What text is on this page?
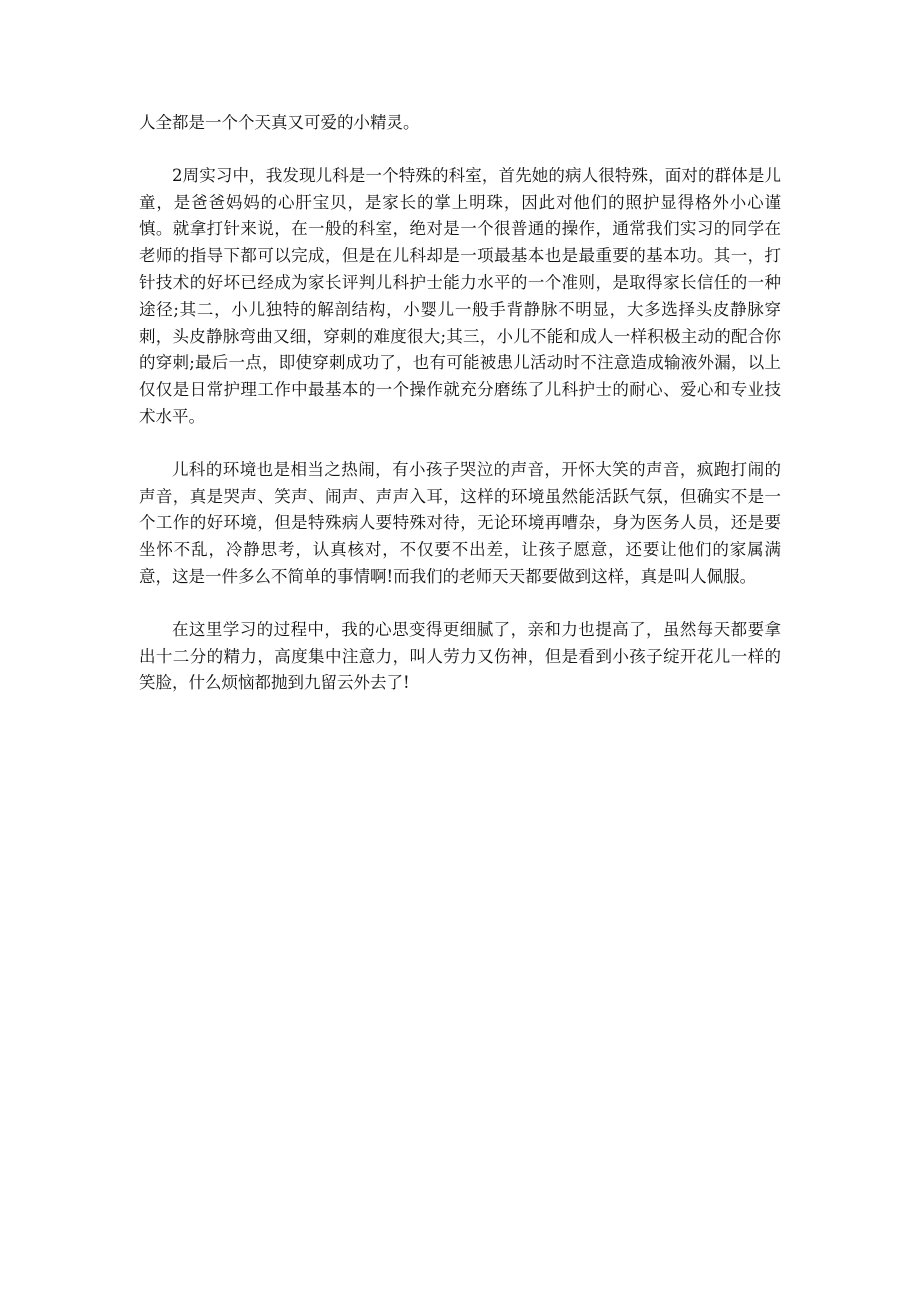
人全都是一个个天真又可爱的小精灵。

2周实习中，我发现儿科是一个特殊的科室，首先她的病人很特殊，面对的群体是儿童，是爸爸妈妈的心肝宝贝，是家长的掌上明珠，因此对他们的照护显得格外小心谨慎。就拿打针来说，在一般的科室，绝对是一个很普通的操作，通常我们实习的同学在老师的指导下都可以完成，但是在儿科却是一项最基本也是最重要的基本功。其一，打针技术的好坏已经成为家长评判儿科护士能力水平的一个准则，是取得家长信任的一种途径;其二，小儿独特的解剖结构，小婴儿一般手背静脉不明显，大多选择头皮静脉穿刺，头皮静脉弯曲又细，穿刺的难度很大;其三，小儿不能和成人一样积极主动的配合你的穿刺;最后一点，即使穿刺成功了，也有可能被患儿活动时不注意造成输液外漏，以上仅仅是日常护理工作中最基本的一个操作就充分磨练了儿科护士的耐心、爱心和专业技术水平。

儿科的环境也是相当之热闹，有小孩子哭泣的声音，开怀大笑的声音，疯跑打闹的声音，真是哭声、笑声、闹声、声声入耳，这样的环境虽然能活跃气氛，但确实不是一个工作的好环境，但是特殊病人要特殊对待，无论环境再嘈杂，身为医务人员，还是要坐怀不乱，冷静思考，认真核对，不仅要不出差，让孩子愿意，还要让他们的家属满意，这是一件多么不简单的事情啊!而我们的老师天天都要做到这样，真是叫人佩服。

在这里学习的过程中，我的心思变得更细腻了，亲和力也提高了，虽然每天都要拿出十二分的精力，高度集中注意力，叫人劳力又伤神，但是看到小孩子绽开花儿一样的笑脸，什么烦恼都抛到九留云外去了!
